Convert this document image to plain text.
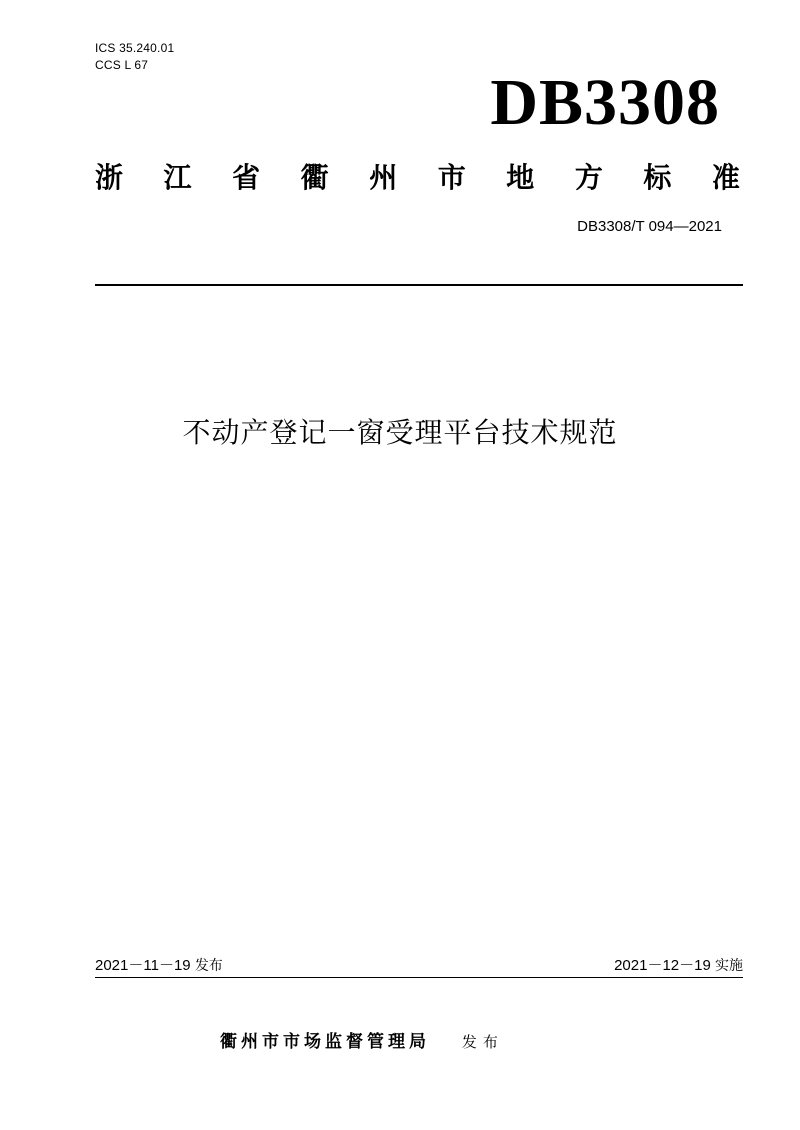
ICS 35.240.01
CCS L 67
DB3308
浙 江 省 衢 州 市 地 方 标 准
DB3308/T 094—2021
不动产登记一窗受理平台技术规范
2021－11－19 发布	2021－12－19 实施
衢州市市场监督管理局 发布
